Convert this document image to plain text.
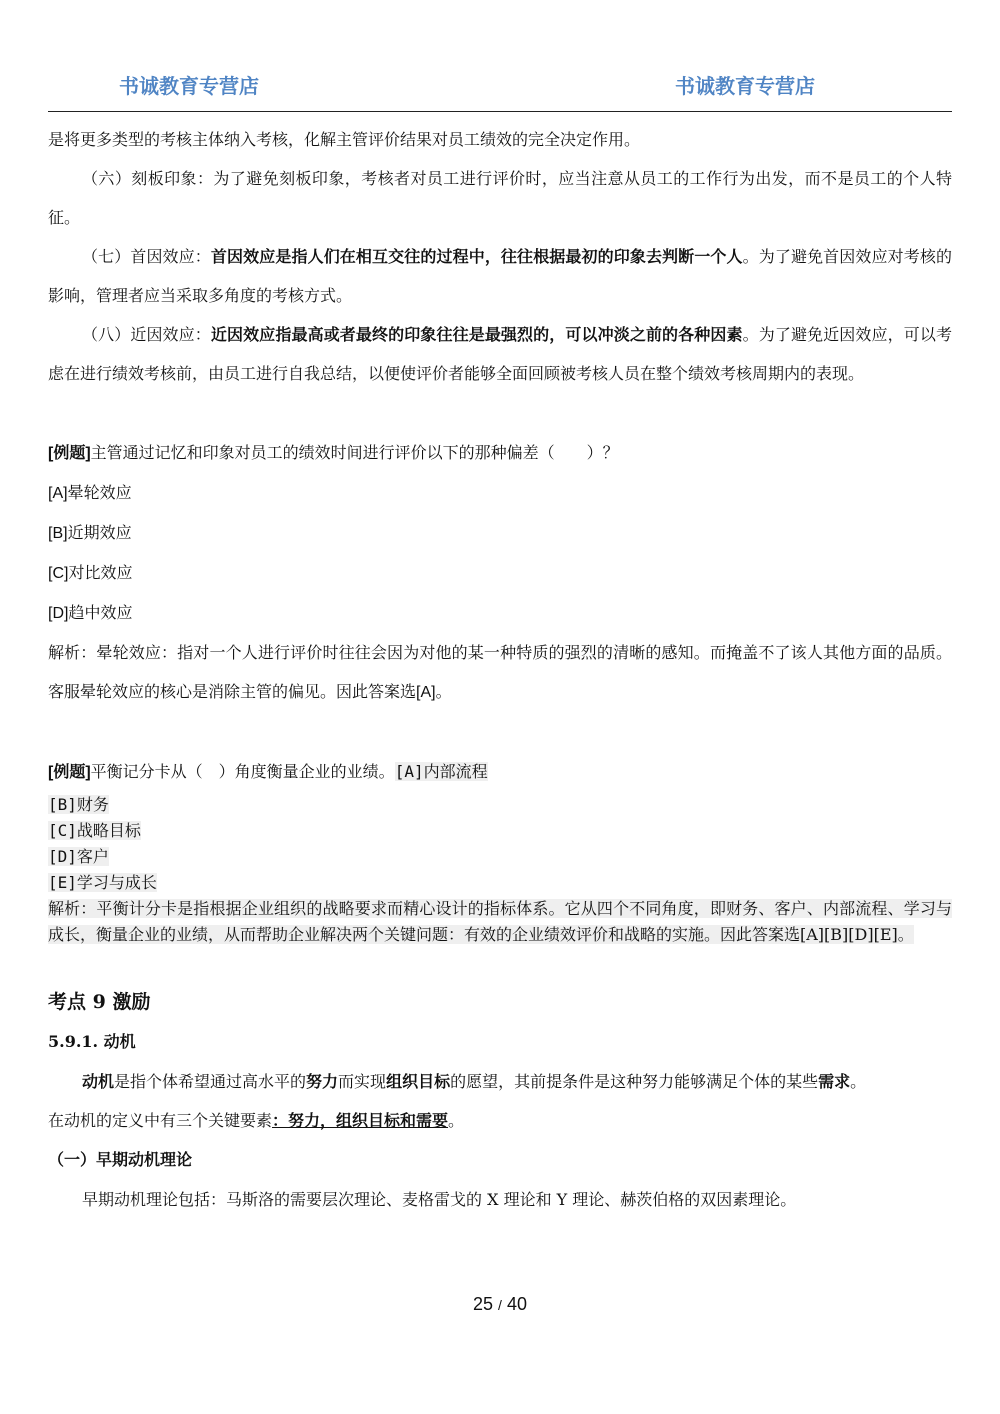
书诚教育专营店	书诚教育专营店

是将更多类型的考核主体纳入考核，化解主管评价结果对员工绩效的完全决定作用。

（六）刻板印象：为了避免刻板印象，考核者对员工进行评价时，应当注意从员工的工作行为出发，而不是员工的个人特征。

（七）首因效应：首因效应是指人们在相互交往的过程中，往往根据最初的印象去判断一个人。为了避免首因效应对考核的影响，管理者应当采取多角度的考核方式。

（八）近因效应：近因效应指最高或者最终的印象往往是最强烈的，可以冲淡之前的各种因素。为了避免近因效应，可以考虑在进行绩效考核前，由员工进行自我总结，以便使评价者能够全面回顾被考核人员在整个绩效考核周期内的表现。

[例题]主管通过记忆和印象对员工的绩效时间进行评价以下的那种偏差（　　）？

[A]晕轮效应

[B]近期效应

[C]对比效应

[D]趋中效应

解析：晕轮效应：指对一个人进行评价时往往会因为对他的某一种特质的强烈的清晰的感知。而掩盖不了该人其他方面的品质。客服晕轮效应的核心是消除主管的偏见。因此答案选[A]。

[例题]平衡记分卡从（　）角度衡量企业的业绩。[A]内部流程

[B]财务

[C]战略目标

[D]客户

[E]学习与成长

解析：平衡计分卡是指根据企业组织的战略要求而精心设计的指标体系。它从四个不同角度，即财务、客户、内部流程、学习与成长，衡量企业的业绩，从而帮助企业解决两个关键问题：有效的企业绩效评价和战略的实施。因此答案选[A][B][D][E]。

考点 9 激励

5.9.1. 动机

动机是指个体希望通过高水平的努力而实现组织目标的愿望，其前提条件是这种努力能够满足个体的某些需求。

在动机的定义中有三个关键要素：努力，组织目标和需要。

（一）早期动机理论

早期动机理论包括：马斯洛的需要层次理论、麦格雷戈的 X 理论和 Y 理论、赫茨伯格的双因素理论。

25 / 40
